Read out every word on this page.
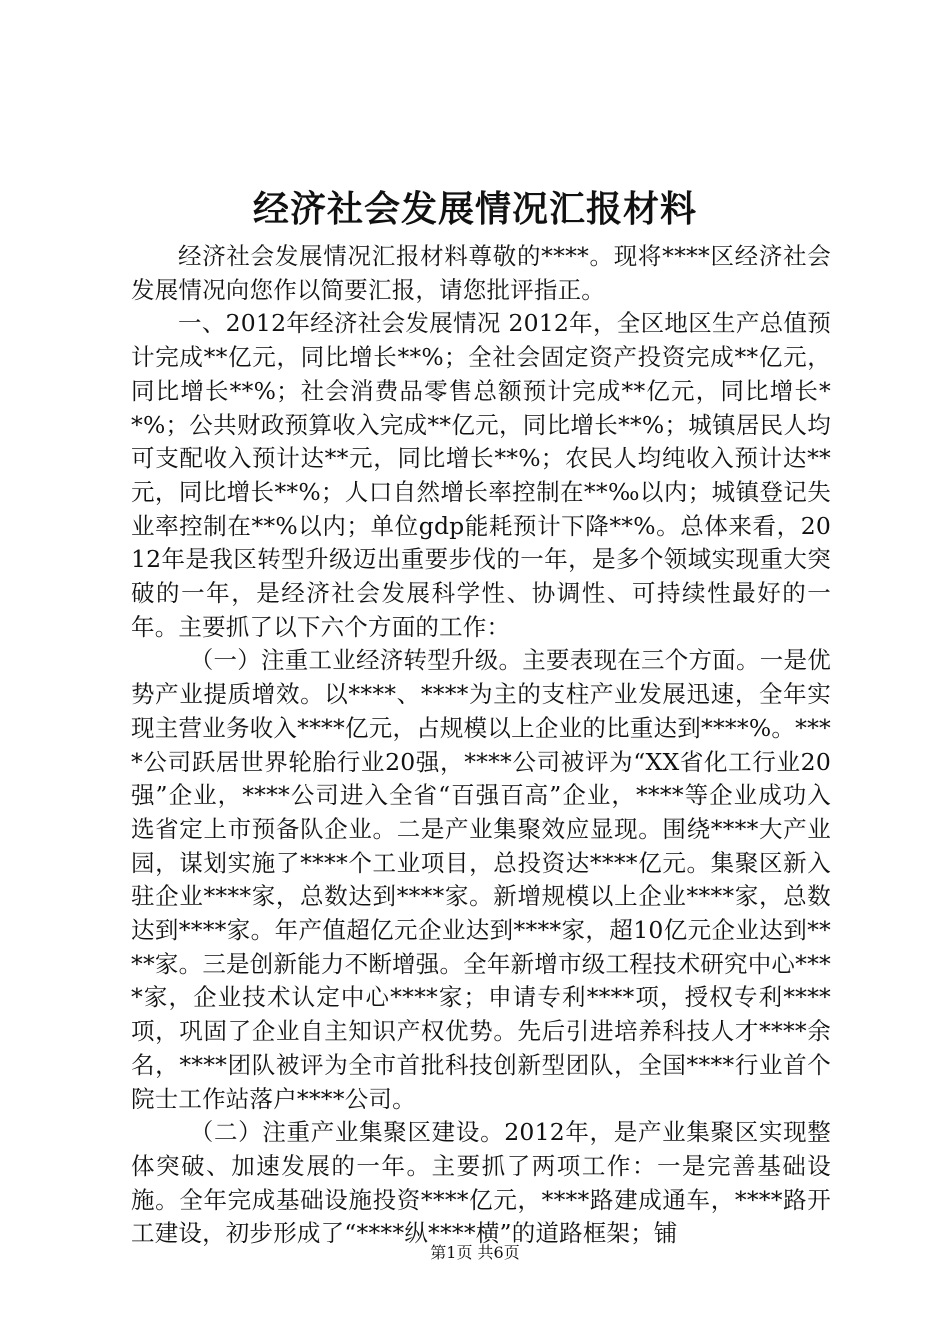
经济社会发展情况汇报材料

经济社会发展情况汇报材料尊敬的****。现将****区经济社会发展情况向您作以简要汇报，请您批评指正。

一、2012年经济社会发展情况 2012年，全区地区生产总值预计完成**亿元，同比增长**%；全社会固定资产投资完成**亿元，同比增长**%；社会消费品零售总额预计完成**亿元，同比增长**%；公共财政预算收入完成**亿元，同比增长**%；城镇居民人均可支配收入预计达**元，同比增长**%；农民人均纯收入预计达**元，同比增长**%；人口自然增长率控制在**‰以内；城镇登记失业率控制在**%以内；单位gdp能耗预计下降**%。总体来看，2012年是我区转型升级迈出重要步伐的一年，是多个领域实现重大突破的一年，是经济社会发展科学性、协调性、可持续性最好的一年。主要抓了以下六个方面的工作：

（一）注重工业经济转型升级。主要表现在三个方面。一是优势产业提质增效。以****、****为主的支柱产业发展迅速，全年实现主营业务收入****亿元，占规模以上企业的比重达到****%。****公司跃居世界轮胎行业20强，****公司被评为“XX省化工行业20强”企业，****公司进入全省“百强百高”企业，****等企业成功入选省定上市预备队企业。二是产业集聚效应显现。围绕****大产业园，谋划实施了****个工业项目，总投资达****亿元。集聚区新入驻企业****家，总数达到****家。新增规模以上企业****家，总数达到****家。年产值超亿元企业达到****家，超10亿元企业达到****家。三是创新能力不断增强。全年新增市级工程技术研究中心****家，企业技术认定中心****家；申请专利****项，授权专利****项，巩固了企业自主知识产权优势。先后引进培养科技人才****余名，****团队被评为全市首批科技创新型团队，全国****行业首个院士工作站落户****公司。

（二）注重产业集聚区建设。2012年，是产业集聚区实现整体突破、加速发展的一年。主要抓了两项工作：一是完善基础设施。全年完成基础设施投资****亿元，****路建成通车，****路开工建设，初步形成了“****纵****横”的道路框架；铺

第1页 共6页
